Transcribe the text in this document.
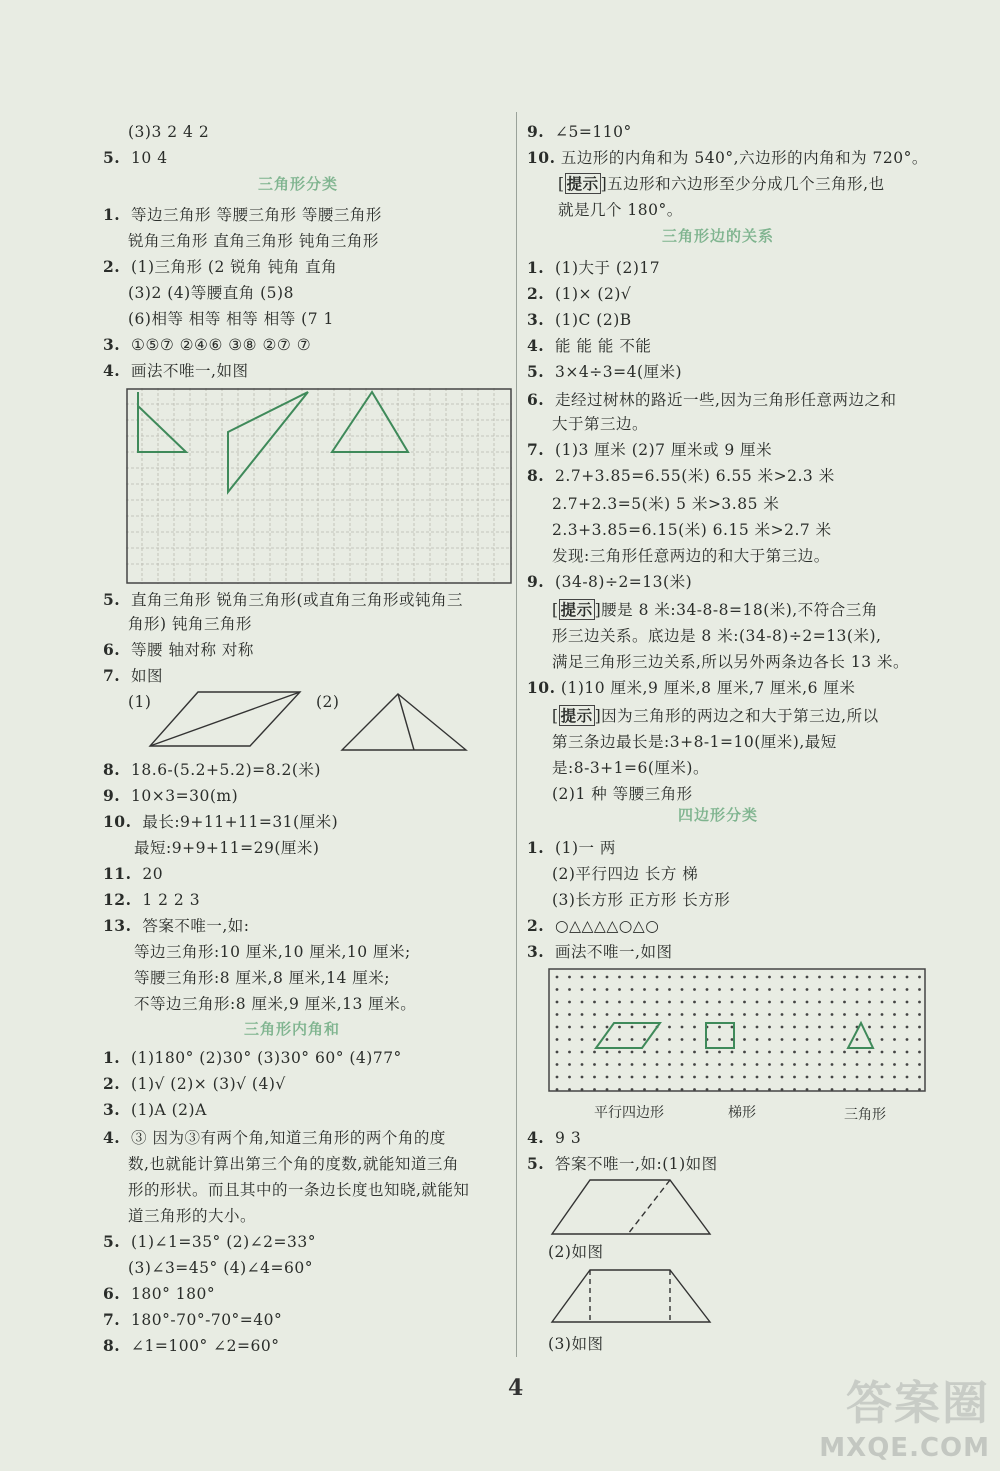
(3)3 2 4 2
5. 10 4
三角形分类
1. 等边三角形 等腰三角形 等腰三角形
锐角三角形 直角三角形 钝角三角形
2. (1)三角形 (2 锐角 钝角 直角
(3)2 (4)等腰直角 (5)8
(6)相等 相等 相等 相等 (7 1
3. ①⑤⑦ ②④⑥ ③⑧ ②⑦ ⑦
4. 画法不唯一,如图
5. 直角三角形 锐角三角形(或直角三角形或钝角三
角形) 钝角三角形
6. 等腰 轴对称 对称
7. 如图
(1)	(2)
8. 18.6-(5.2+5.2)=8.2(米)
9. 10×3=30(m)
10. 最长:9+11+11=31(厘米)
最短:9+9+11=29(厘米)
11. 20
12. 1 2 2 3
13. 答案不唯一,如:
等边三角形:10 厘米,10 厘米,10 厘米;
等腰三角形:8 厘米,8 厘米,14 厘米;
不等边三角形:8 厘米,9 厘米,13 厘米。
三角形内角和
1. (1)180° (2)30° (3)30° 60° (4)77°
2. (1)√ (2)× (3)√ (4)√
3. (1)A (2)A
4. ③ 因为③有两个角,知道三角形的两个角的度
数,也就能计算出第三个角的度数,就能知道三角
形的形状。而且其中的一条边长度也知晓,就能知
道三角形的大小。
5. (1)∠1=35° (2)∠2=33°
(3)∠3=45° (4)∠4=60°
6. 180° 180°
7. 180°-70°-70°=40°
8. ∠1=100° ∠2=60°
9. ∠5=110°
10. 五边形的内角和为 540°,六边形的内角和为 720°。
[ 提示 ]五边形和六边形至少分成几个三角形,也
就是几个 180°。
三角形边的关系
1. (1)大于 (2)17
2. (1)× (2)√
3. (1)C (2)B
4. 能 能 能 不能
5. 3×4÷3=4(厘米)
6. 走经过树林的路近一些,因为三角形任意两边之和
大于第三边。
7. (1)3 厘米 (2)7 厘米或 9 厘米
8. 2.7+3.85=6.55(米) 6.55 米>2.3 米
2.7+2.3=5(米) 5 米>3.85 米
2.3+3.85=6.15(米) 6.15 米>2.7 米
发现:三角形任意两边的和大于第三边。
9. (34-8)÷2=13(米)
[ 提示 ]腰是 8 米:34-8-8=18(米),不符合三角
形三边关系。底边是 8 米:(34-8)÷2=13(米),
满足三角形三边关系,所以另外两条边各长 13 米。
10. (1)10 厘米,9 厘米,8 厘米,7 厘米,6 厘米
[ 提示 ]因为三角形的两边之和大于第三边,所以
第三条边最长是:3+8-1=10(厘米),最短
是:8-3+1=6(厘米)。
(2)1 种 等腰三角形
四边形分类
1. (1)一 两
(2)平行四边 长方 梯
(3)长方形 正方形 长方形
2. ○△△△△○△○
3. 画法不唯一,如图
平行四边形	梯形	三角形
4. 9 3
5. 答案不唯一,如:(1)如图
(2)如图
(3)如图
4	答案圈
MXQE.COM
